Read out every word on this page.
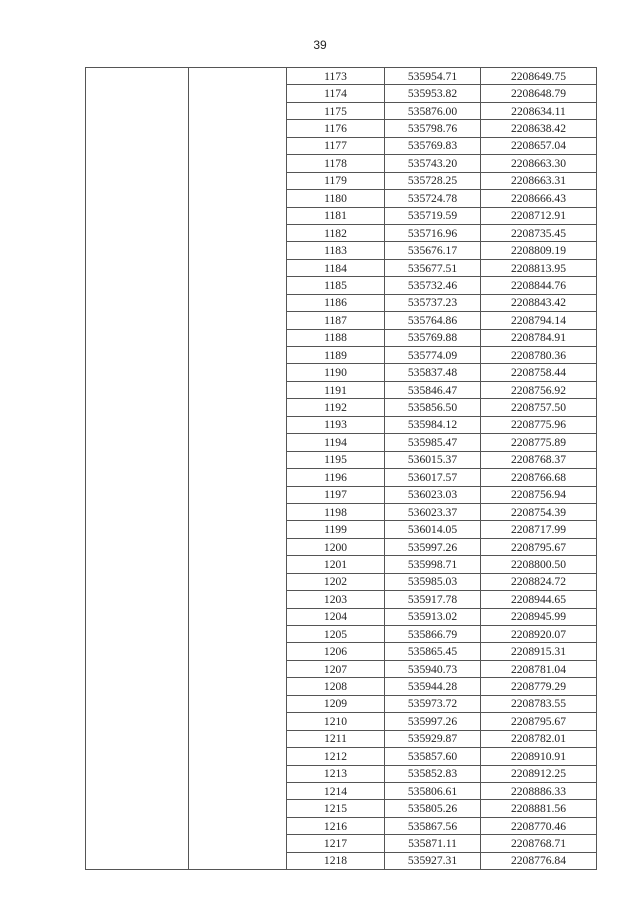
39
		1173	535954.71	2208649.75
		1174	535953.82	2208648.79
		1175	535876.00	2208634.11
		1176	535798.76	2208638.42
		1177	535769.83	2208657.04
		1178	535743.20	2208663.30
		1179	535728.25	2208663.31
		1180	535724.78	2208666.43
		1181	535719.59	2208712.91
		1182	535716.96	2208735.45
		1183	535676.17	2208809.19
		1184	535677.51	2208813.95
		1185	535732.46	2208844.76
		1186	535737.23	2208843.42
		1187	535764.86	2208794.14
		1188	535769.88	2208784.91
		1189	535774.09	2208780.36
		1190	535837.48	2208758.44
		1191	535846.47	2208756.92
		1192	535856.50	2208757.50
		1193	535984.12	2208775.96
		1194	535985.47	2208775.89
		1195	536015.37	2208768.37
		1196	536017.57	2208766.68
		1197	536023.03	2208756.94
		1198	536023.37	2208754.39
		1199	536014.05	2208717.99
		1200	535997.26	2208795.67
		1201	535998.71	2208800.50
		1202	535985.03	2208824.72
		1203	535917.78	2208944.65
		1204	535913.02	2208945.99
		1205	535866.79	2208920.07
		1206	535865.45	2208915.31
		1207	535940.73	2208781.04
		1208	535944.28	2208779.29
		1209	535973.72	2208783.55
		1210	535997.26	2208795.67
		1211	535929.87	2208782.01
		1212	535857.60	2208910.91
		1213	535852.83	2208912.25
		1214	535806.61	2208886.33
		1215	535805.26	2208881.56
		1216	535867.56	2208770.46
		1217	535871.11	2208768.71
		1218	535927.31	2208776.84
